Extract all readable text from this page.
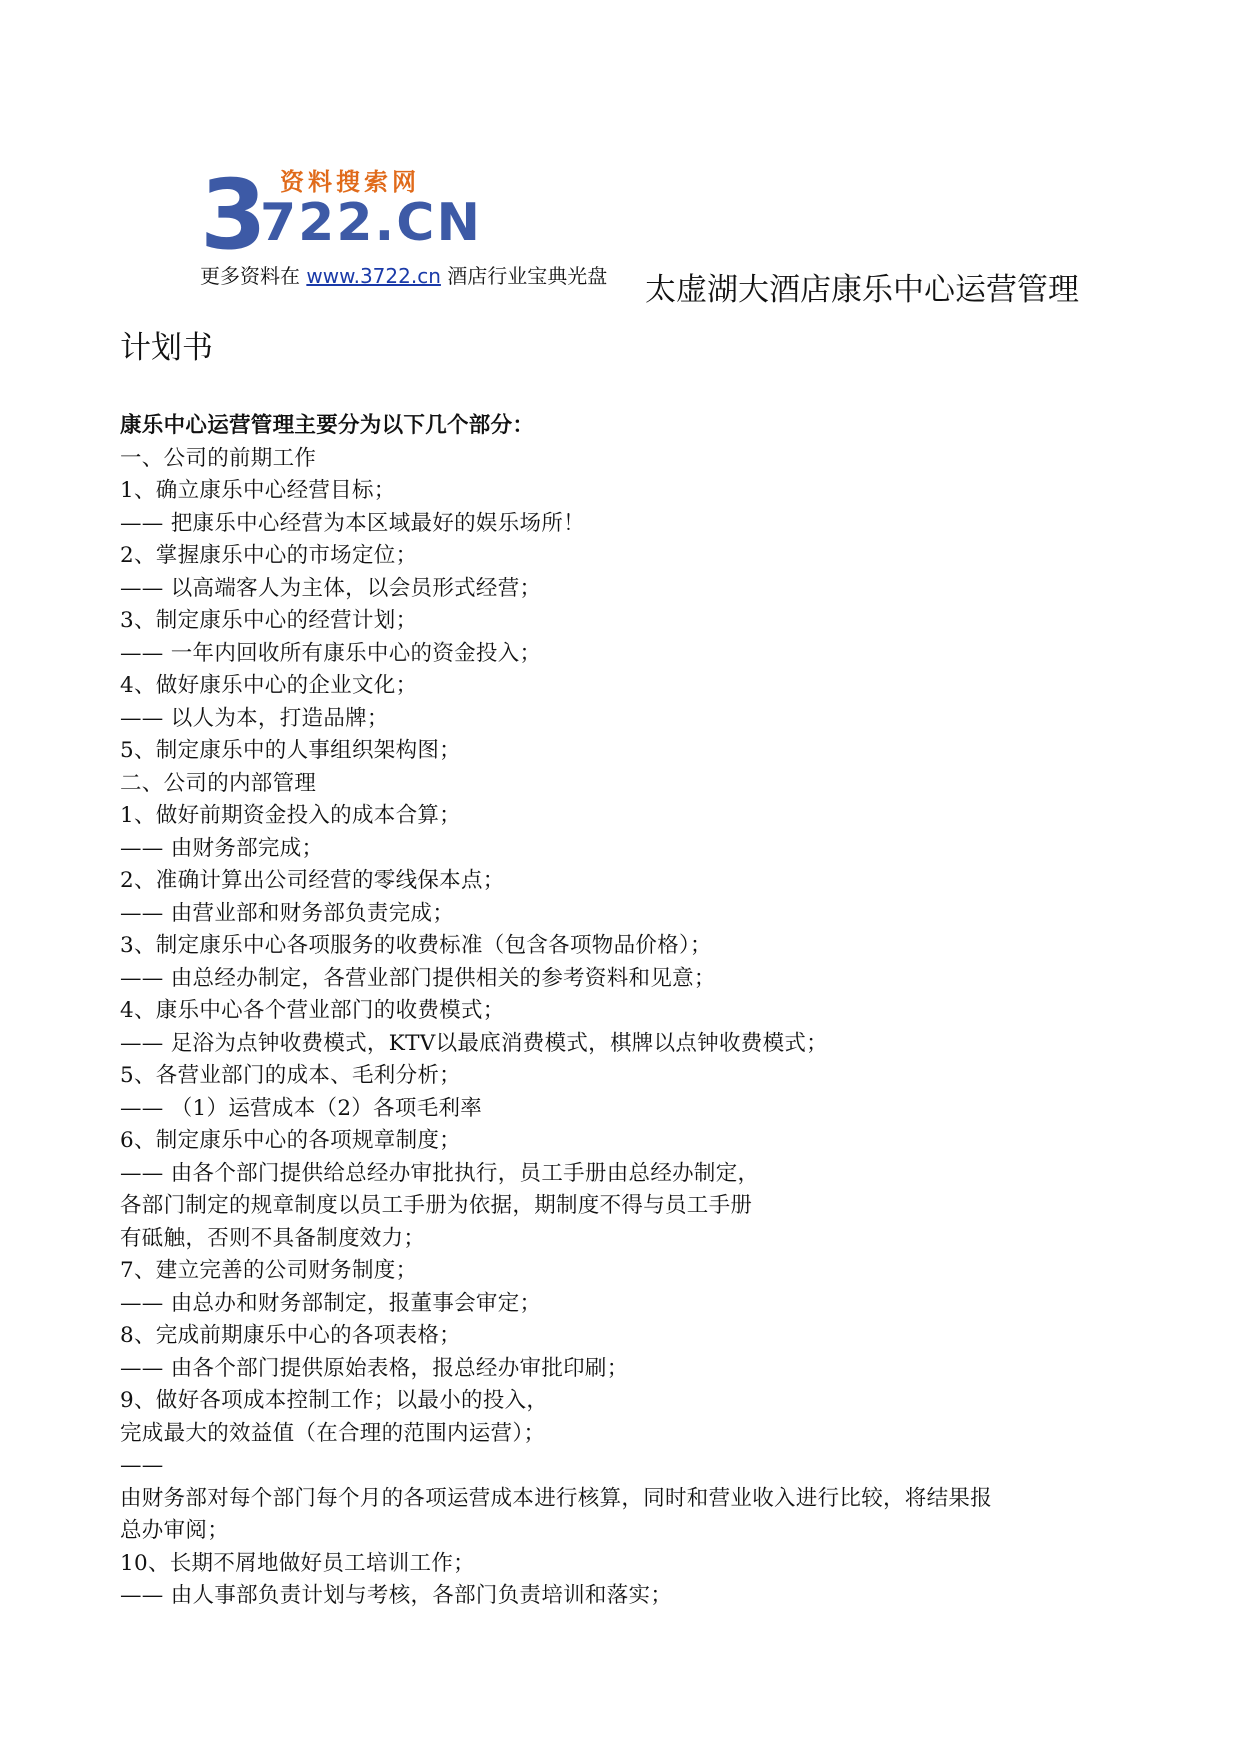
3 资料搜索网
722.CN
更多资料在 www.3722.cn 酒店行业宝典光盘 太虚湖大酒店康乐中心运营管理
计划书
康乐中心运营管理主要分为以下几个部分：
一、公司的前期工作
1、确立康乐中心经营目标；
—— 把康乐中心经营为本区域最好的娱乐场所！
2、掌握康乐中心的市场定位；
—— 以高端客人为主体，以会员形式经营；
3、制定康乐中心的经营计划；
—— 一年内回收所有康乐中心的资金投入；
4、做好康乐中心的企业文化；
—— 以人为本，打造品牌；
5、制定康乐中的人事组织架构图；
二、公司的内部管理
1、做好前期资金投入的成本合算；
—— 由财务部完成；
2、准确计算出公司经营的零线保本点；
—— 由营业部和财务部负责完成；
3、制定康乐中心各项服务的收费标准（包含各项物品价格）；
—— 由总经办制定，各营业部门提供相关的参考资料和见意；
4、康乐中心各个营业部门的收费模式；
—— 足浴为点钟收费模式，KTV以最底消费模式，棋牌以点钟收费模式；
5、各营业部门的成本、毛利分析；
—— （1）运营成本（2）各项毛利率
6、制定康乐中心的各项规章制度；
—— 由各个部门提供给总经办审批执行，员工手册由总经办制定，
各部门制定的规章制度以员工手册为依据，期制度不得与员工手册
有砥触，否则不具备制度效力；
7、建立完善的公司财务制度；
—— 由总办和财务部制定，报董事会审定；
8、完成前期康乐中心的各项表格；
—— 由各个部门提供原始表格，报总经办审批印刷；
9、做好各项成本控制工作；以最小的投入，
完成最大的效益值（在合理的范围内运营）；
——
由财务部对每个部门每个月的各项运营成本进行核算，同时和营业收入进行比较，将结果报
总办审阅；
10、长期不屑地做好员工培训工作；
—— 由人事部负责计划与考核，各部门负责培训和落实；
